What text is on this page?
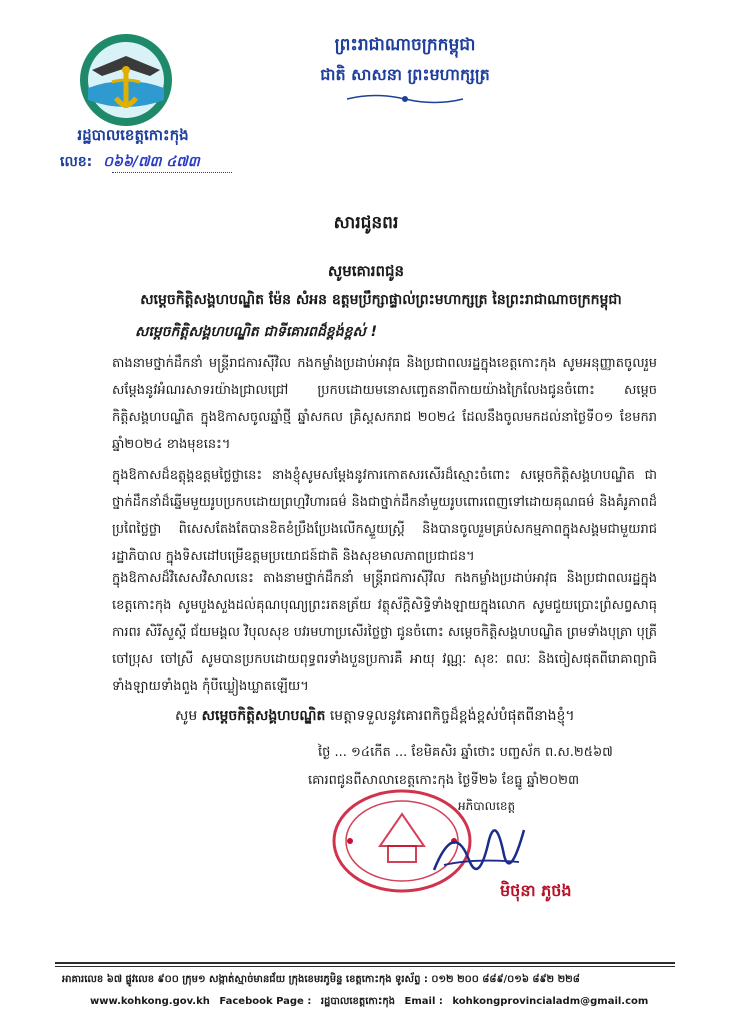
រដ្ឋបាលខេត្តកោះកុង
លេខ: ០៦៦/៧៣ ៤៧៣
ព្រះរាជាណាចក្រកម្ពុជា
ជាតិ សាសនា ព្រះមហាក្សត្រ
សារជូនពរ
សូមគោរពជូន
សម្ដេចកិត្តិសង្គហបណ្ឌិត ម៉ែន សំអន ឧត្តមប្រឹក្សាផ្ទាល់ព្រះមហាក្សត្រ នៃព្រះរាជាណាចក្រកម្ពុជា
សម្ដេចកិត្តិសង្គហបណ្ឌិត ជាទីគោរពដ៏ខ្ពង់ខ្ពស់ !
តាងនាមថ្នាក់ដឹកនាំ មន្ត្រីរាជការស៊ីវិល កងកម្លាំងប្រដាប់អាវុធ និងប្រជាពលរដ្ឋក្នុងខេត្តកោះកុង សូមអនុញ្ញាតចូលរួមសម្ដែងនូវអំណរសាទរយ៉ាងជ្រាលជ្រៅ ប្រកបដោយមនោសញ្ចេតនាពីកាយយ៉ាងក្រៃលែងជូនចំពោះ សម្ដេចកិត្តិសង្គហបណ្ឌិត ក្នុងឱកាសចូលឆ្នាំថ្មី ឆ្នាំសកល គ្រិស្តសករាជ ២០២៤ ដែលនឹងចូលមកដល់នាថ្ងៃទី០១ ខែមករា ឆ្នាំ២០២៤ ខាងមុខនេះ។
ក្នុងឱកាសដ៏ឧត្ដុង្គឧត្ដមថ្លៃថ្លានេះ នាងខ្ញុំសូមសម្ដែងនូវការកោតសរសើរដ៏ស្មោះចំពោះ សម្ដេចកិត្តិសង្គហបណ្ឌិត ជាថ្នាក់ដឹកនាំដ៏ឆ្នើមមួយរូបប្រកបដោយព្រហ្មវិហារធម៌ និងជាថ្នាក់ដឹកនាំមួយរូបពោរពេញទៅដោយគុណធម៌ និងគំរូភាពដ៏ប្រពៃថ្លៃថ្លា ពិសេសតែងតែបានខិតខំប្រឹងប្រែងលើកស្ទួយស្ត្រី និងបានចូលរួមគ្រប់សកម្មភាពក្នុងសង្គមជាមួយរាជរដ្ឋាភិបាល ក្នុងទិសដៅបម្រើឧត្ដមប្រយោជន៍ជាតិ និងសុខមាលភាពប្រជាជន។
ក្នុងឱកាសដ៏វិសេសវិសាលនេះ តាងនាមថ្នាក់ដឹកនាំ មន្ត្រីរាជការស៊ីវិល កងកម្លាំងប្រដាប់អាវុធ និងប្រជាពលរដ្ឋក្នុងខេត្តកោះកុង សូមបួងសួងដល់គុណបុណ្យព្រះរតនត្រ័យ វត្ថុស័ក្តិសិទ្ធិទាំងឡាយក្នុងលោក សូមជួយប្រោះព្រំសព្វសាធុការពរ សិរីសួស្ដី ជ័យមង្គល វិបុលសុខ បវរមហាប្រសើរថ្លៃថ្លា ជូនចំពោះ សម្ដេចកិត្តិសង្គហបណ្ឌិត ព្រមទាំងបុត្រា បុត្រី ចៅប្រុស ចៅស្រី សូមបានប្រកបដោយពុទ្ធពរទាំងបួនប្រការគឺ អាយុ វណ្ណៈ សុខៈ ពលៈ និងចៀសផុតពីរោគាព្យាធិទាំងឡាយទាំងពួង កុំបីឃ្លៀងឃ្លាតឡើយ។
សូម សម្ដេចកិត្តិសង្គហបណ្ឌិត មេត្តាទទួលនូវគោរពកិច្ចដ៏ខ្ពង់ខ្ពស់បំផុតពីនាងខ្ញុំ។
ថ្ងៃ ... ១៤កើត ... ខែមិគសិរ ឆ្នាំថោះ បញ្ចស័ក ព.ស.២៥៦៧
គោរពជូនពីសាលាខេត្តកោះកុង ថ្ងៃទី២៦ ខែធ្នូ ឆ្នាំ២០២៣
អភិបាលខេត្ត
មិថុនា ភូថង
អាគារលេខ ៦៧ ផ្លូវលេខ ៩០០ ក្រុម១ សង្កាត់ស្មាច់មានជ័យ ក្រុងខេមរភូមិន្ទ ខេត្តកោះកុង ទូរស័ព្ទ : ០១២ ២០០ ៨៨៩/០១៦ ៨៩២ ២២៨
www.kohkong.gov.kh Facebook Page : រដ្ឋបាលខេត្តកោះកុង Email : kohkongprovincialadm@gmail.com
